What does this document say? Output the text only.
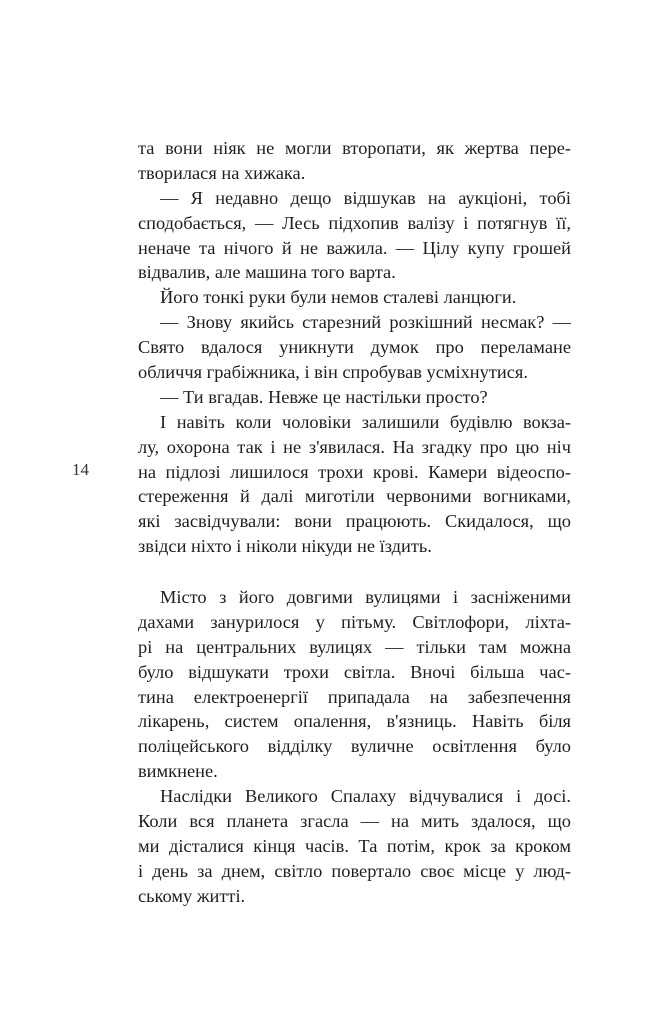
14
та вони ніяк не могли второпати, як жертва пере-
творилася на хижака.
— Я недавно дещо відшукав на аукціоні, тобі
сподобається, — Лесь підхопив валізу і потягнув її,
неначе та нічого й не важила. — Цілу купу грошей
відвалив, але машина того варта.
Його тонкі руки були немов сталеві ланцюги.
— Знову якийсь старезний розкішний несмак? —
Свято вдалося уникнути думок про переламане
обличчя грабіжника, і він спробував усміхнутися.
— Ти вгадав. Невже це настільки просто?
І навіть коли чоловіки залишили будівлю вокза-
лу, охорона так і не з'явилася. На згадку про цю ніч
на підлозі лишилося трохи крові. Камери відеоспо-
стереження й далі миготіли червоними вогниками,
які засвідчували: вони працюють. Скидалося, що
звідси ніхто і ніколи нікуди не їздить.
Місто з його довгими вулицями і засніженими
дахами занурилося у пітьму. Світлофори, ліхта-
рі на центральних вулицях — тільки там можна
було відшукати трохи світла. Вночі більша час-
тина електроенергії припадала на забезпечення
лікарень, систем опалення, в'язниць. Навіть біля
поліцейського відділку вуличне освітлення було
вимкнене.
Наслідки Великого Спалаху відчувалися і досі.
Коли вся планета згасла — на мить здалося, що
ми дісталися кінця часів. Та потім, крок за кроком
і день за днем, світло повертало своє місце у люд-
ському житті.
